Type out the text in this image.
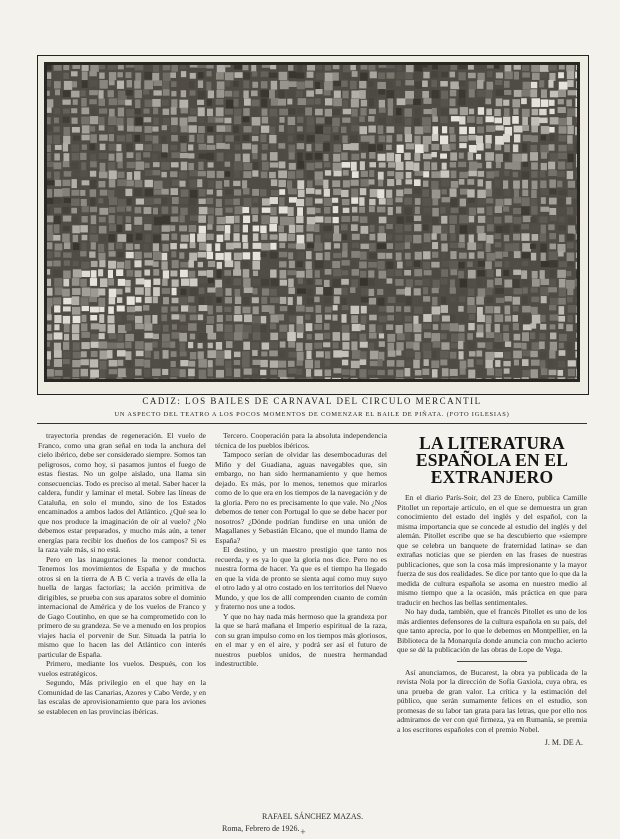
CADIZ: LOS BAILES DE CARNAVAL DEL CIRCULO MERCANTIL
UN ASPECTO DEL TEATRO A LOS POCOS MOMENTOS DE COMENZAR EL BAILE DE PIÑATA. (FOTO IGLESIAS)

trayectoria prendas de regeneración. El vuelo de Franco, como una gran señal en toda la anchura del cielo ibérico, debe ser considerado siempre. Somos tan peligrosos, como hoy, si pasamos juntos el fuego de estas fiestas. No un golpe aislado, una llama sin consecuencias. Todo es preciso al metal. Saber hacer la caldera, fundir y laminar el metal. Sobre las líneas de Cataluña, en solo el mundo, sino de los Estados encaminados a ambos lados del Atlántico. ¿Qué sea lo que nos produce la imaginación de oír al vuelo? ¿No debemos estar preparados, y mucho más aún, a tener energías para recibir los dueños de los campos? Si es la raza vale más, si no está.

Pero en las inauguraciones la menor conducta. Tenemos los movimientos de España y de muchos otros si en la tierra de A B C vería a través de ella la huella de largas factorías; la acción primitiva de dirigibles, se prueba con sus aparatos sobre el dominio internacional de América y de los vuelos de Franco y de Gago Coutinho, en que se ha comprometido con lo primero de su grandeza. Se ve a menudo en los propios viajes hacia el porvenir de Sur. Situada la patria lo mismo que lo hacen las del Atlántico con interés particular de España.

Primero, mediante los vuelos. Después, con los vuelos estratégicos.

Segundo, Más privilegio en el que hay en la Comunidad de las Canarias, Azores y Cabo Verde, y en las escalas de aprovisionamiento que para los aviones se establecen en las provincias ibéricas.

Tercero. Cooperación para la absoluta independencia técnica de los pueblos ibéricos.

Tampoco serían de olvidar las desembocaduras del Miño y del Guadiana, aguas navegables que, sin embargo, no han sido hermanamiento y que hemos dejado. Es más, por lo menos, tenemos que mirarlos como de lo que era en los tiempos de la navegación y de la gloria. Pero no es precisamente lo que vale. No ¿Nos debemos de tener con Portugal lo que se debe hacer por nosotros? ¿Dónde podrían fundirse en una unión de Magallanes y Sebastián Elcano, que el mundo llama de España?

El destino, y un maestro prestigio que tanto nos recuerda, y es ya lo que la gloria nos dice. Pero no es nuestra forma de hacer. Ya que es el tiempo ha llegado en que la vida de pronto se sienta aquí como muy suyo el otro lado y al otro costado en los territorios del Nuevo Mundo, y que los de allí comprenden cuanto de común y fraterno nos une a todos.

Y que no hay nada más hermoso que la grandeza por la que se hará mañana el Imperio espiritual de la raza, con su gran impulso como en los tiempos más gloriosos, en el mar y en el aire, y podrá ser así el futuro de nuestros pueblos unidos, de nuestra hermandad indestructible.

RAFAEL SÁNCHEZ MAZAS.
Roma, Febrero de 1926.
LA LITERATURA ESPAÑOLA EN EL EXTRANJERO

En el diario París-Soir, del 23 de Enero, publica Camille Pitollet un reportaje artículo, en el que se demuestra un gran conocimiento del estado del inglés y del español, con la misma importancia que se concede al estudio del inglés y del alemán. Pitollet escribe que se ha descubierto que «siempre que se celebra un banquete de fraternidad latina» se dan extrañas noticias que se pierden en las frases de nuestras publicaciones, que son la cosa más impresionante y la mayor fuerza de sus dos realidades. Se dice por tanto que lo que da la medida de cultura española se asoma en nuestro medio al mismo tiempo que a la ocasión, más práctica en que para traducir en hechos las bellas sentimentales.

No hay duda, también, que el francés Pitollet es uno de los más ardientes defensores de la cultura española en su país, del que tanto aprecia, por lo que le debemos en Montpellier, en la Biblioteca de la Monarquía donde anuncia con mucho acierto que se dé la publicación de las obras de Lope de Vega.

Así anunciamos, de Bucarest, la obra ya publicada de la revista Nola por la dirección de Sofía Gaxiola, cuya obra, es una prueba de gran valor. La crítica y la estimación del público, que serán sumamente felices en el estudio, son promesas de su labor tan grata para las letras, que por ello nos admiramos de ver con qué firmeza, ya en Rumanía, se premia a los escritores españoles con el premio Nobel.

J. M. DE A.
+
